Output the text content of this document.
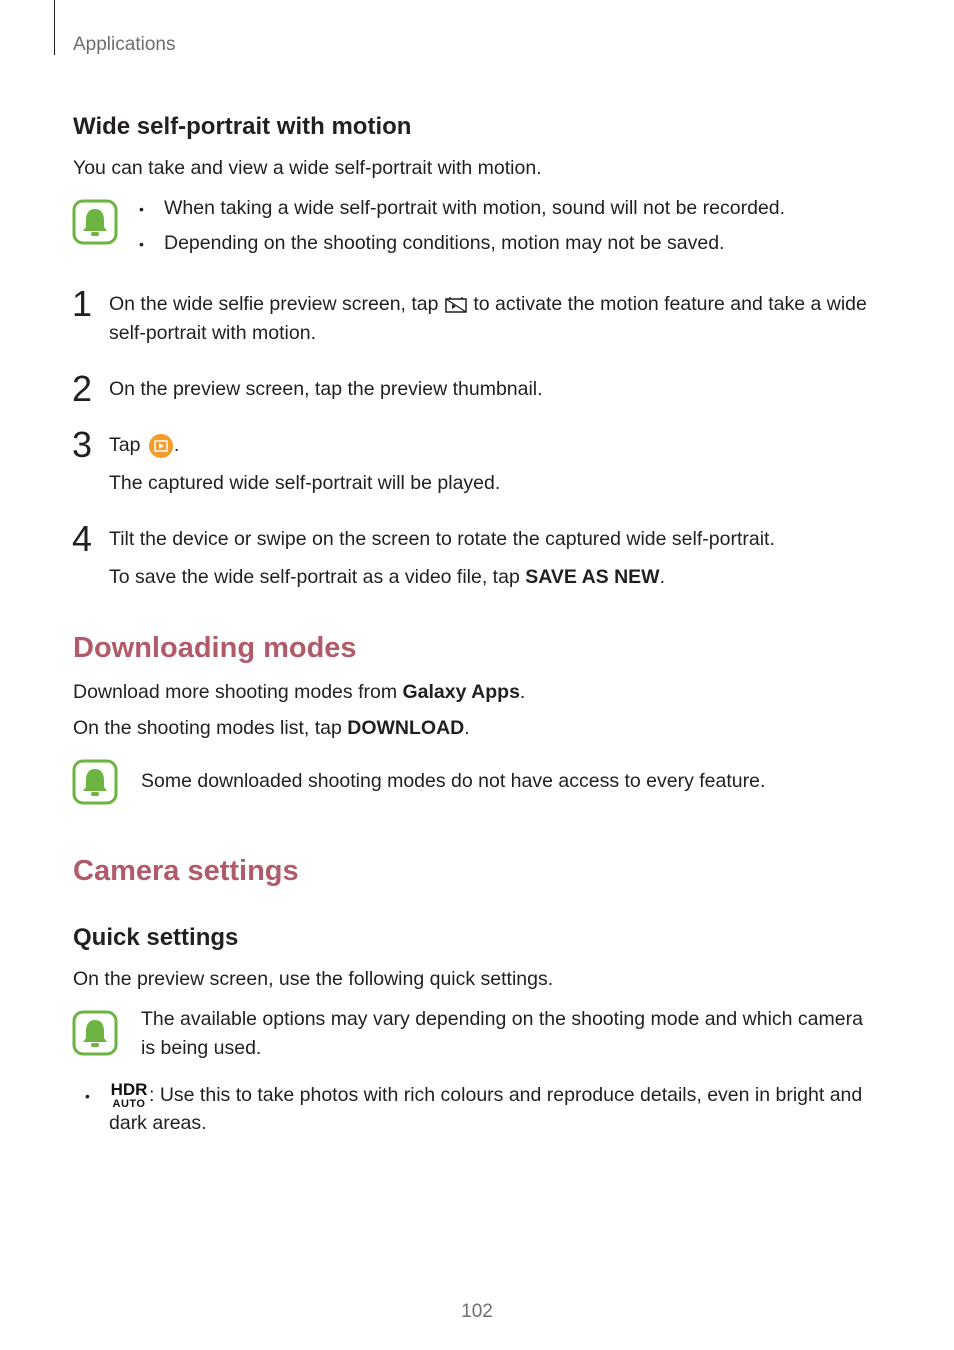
Applications
Wide self-portrait with motion
You can take and view a wide self-portrait with motion.
• When taking a wide self-portrait with motion, sound will not be recorded.
• Depending on the shooting conditions, motion may not be saved.
1 On the wide selfie preview screen, tap to activate the motion feature and take a wide
self-portrait with motion.
2 On the preview screen, tap the preview thumbnail.
3 Tap .
The captured wide self-portrait will be played.
4 Tilt the device or swipe on the screen to rotate the captured wide self-portrait.
To save the wide self-portrait as a video file, tap SAVE AS NEW.
Downloading modes
Download more shooting modes from Galaxy Apps.
On the shooting modes list, tap DOWNLOAD.
Some downloaded shooting modes do not have access to every feature.
Camera settings
Quick settings
On the preview screen, use the following quick settings.
The available options may vary depending on the shooting mode and which camera
is being used.
• HDR
AUTO : Use this to take photos with rich colours and reproduce details, even in bright and
dark areas.
102
